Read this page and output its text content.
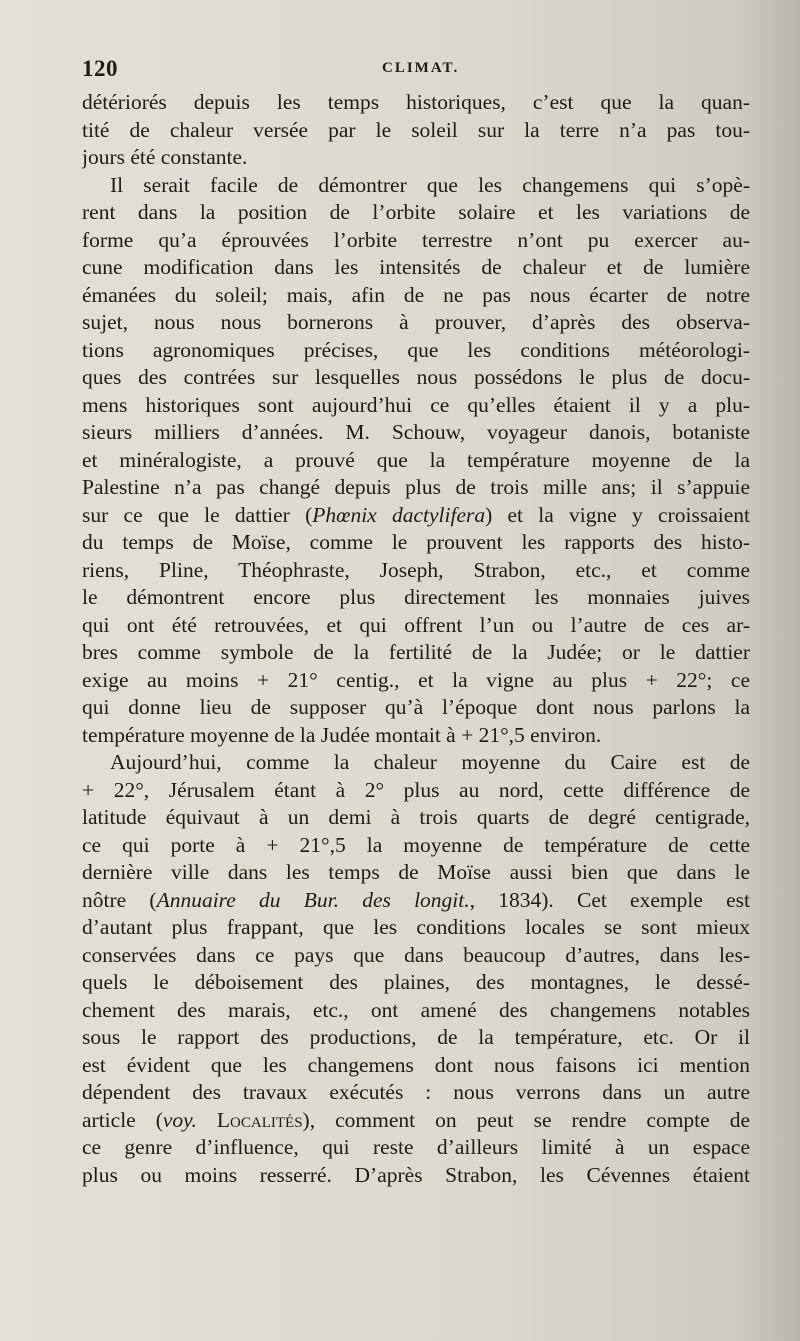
120	CLIMAT.
détériorés depuis les temps historiques, c’est que la quan-
tité de chaleur versée par le soleil sur la terre n’a pas tou-
jours été constante.
Il serait facile de démontrer que les changemens qui s’opè-
rent dans la position de l’orbite solaire et les variations de
forme qu’a éprouvées l’orbite terrestre n’ont pu exercer au-
cune modification dans les intensités de chaleur et de lumière
émanées du soleil; mais, afin de ne pas nous écarter de notre
sujet, nous nous bornerons à prouver, d’après des observa-
tions agronomiques précises, que les conditions météorologi-
ques des contrées sur lesquelles nous possédons le plus de docu-
mens historiques sont aujourd’hui ce qu’elles étaient il y a plu-
sieurs milliers d’années. M. Schouw, voyageur danois, botaniste
et minéralogiste, a prouvé que la température moyenne de la
Palestine n’a pas changé depuis plus de trois mille ans; il s’appuie
sur ce que le dattier (Phœnix dactylifera) et la vigne y croissaient
du temps de Moïse, comme le prouvent les rapports des histo-
riens, Pline, Théophraste, Joseph, Strabon, etc., et comme
le démontrent encore plus directement les monnaies juives
qui ont été retrouvées, et qui offrent l’un ou l’autre de ces ar-
bres comme symbole de la fertilité de la Judée; or le dattier
exige au moins + 21° centig., et la vigne au plus + 22°; ce
qui donne lieu de supposer qu’à l’époque dont nous parlons la
température moyenne de la Judée montait à + 21°,5 environ.
Aujourd’hui, comme la chaleur moyenne du Caire est de
+ 22°, Jérusalem étant à 2° plus au nord, cette différence de
latitude équivaut à un demi à trois quarts de degré centigrade,
ce qui porte à + 21°,5 la moyenne de température de cette
dernière ville dans les temps de Moïse aussi bien que dans le
nôtre (Annuaire du Bur. des longit., 1834). Cet exemple est
d’autant plus frappant, que les conditions locales se sont mieux
conservées dans ce pays que dans beaucoup d’autres, dans les-
quels le déboisement des plaines, des montagnes, le dessé-
chement des marais, etc., ont amené des changemens notables
sous le rapport des productions, de la température, etc. Or il
est évident que les changemens dont nous faisons ici mention
dépendent des travaux exécutés : nous verrons dans un autre
article (voy. Localités), comment on peut se rendre compte de
ce genre d’influence, qui reste d’ailleurs limité à un espace
plus ou moins resserré. D’après Strabon, les Cévennes étaient
